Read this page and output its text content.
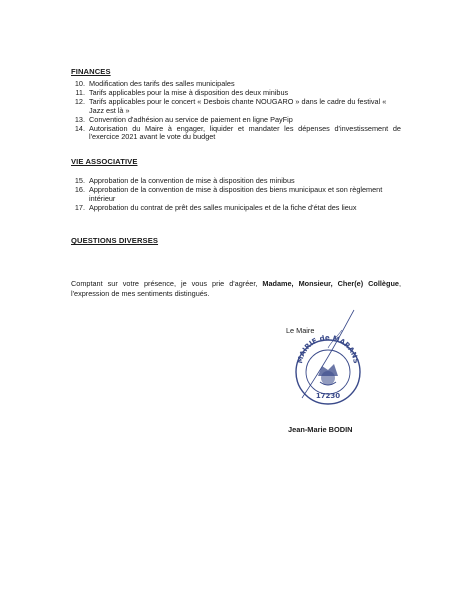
FINANCES
10. Modification des tarifs des salles municipales
11. Tarifs applicables pour la mise à disposition des deux minibus
12. Tarifs applicables pour le concert « Desbois chante NOUGARO » dans le cadre du festival « Jazz est là »
13. Convention d'adhésion au service de paiement en ligne PayFip
14. Autorisation du Maire à engager, liquider et mandater les dépenses d'investissement de l'exercice 2021 avant le vote du budget
VIE ASSOCIATIVE
15. Approbation de la convention de mise à disposition des minibus
16. Approbation de la convention de mise à disposition des biens municipaux et son règlement intérieur
17. Approbation du contrat de prêt des salles municipales et de la fiche d'état des lieux
QUESTIONS DIVERSES
Comptant sur votre présence, je vous prie d'agréer, Madame, Monsieur, Cher(e) Collègue, l'expression de mes sentiments distingués.
Le Maire
MAIRIE de MARANS
17230
Jean-Marie BODIN
